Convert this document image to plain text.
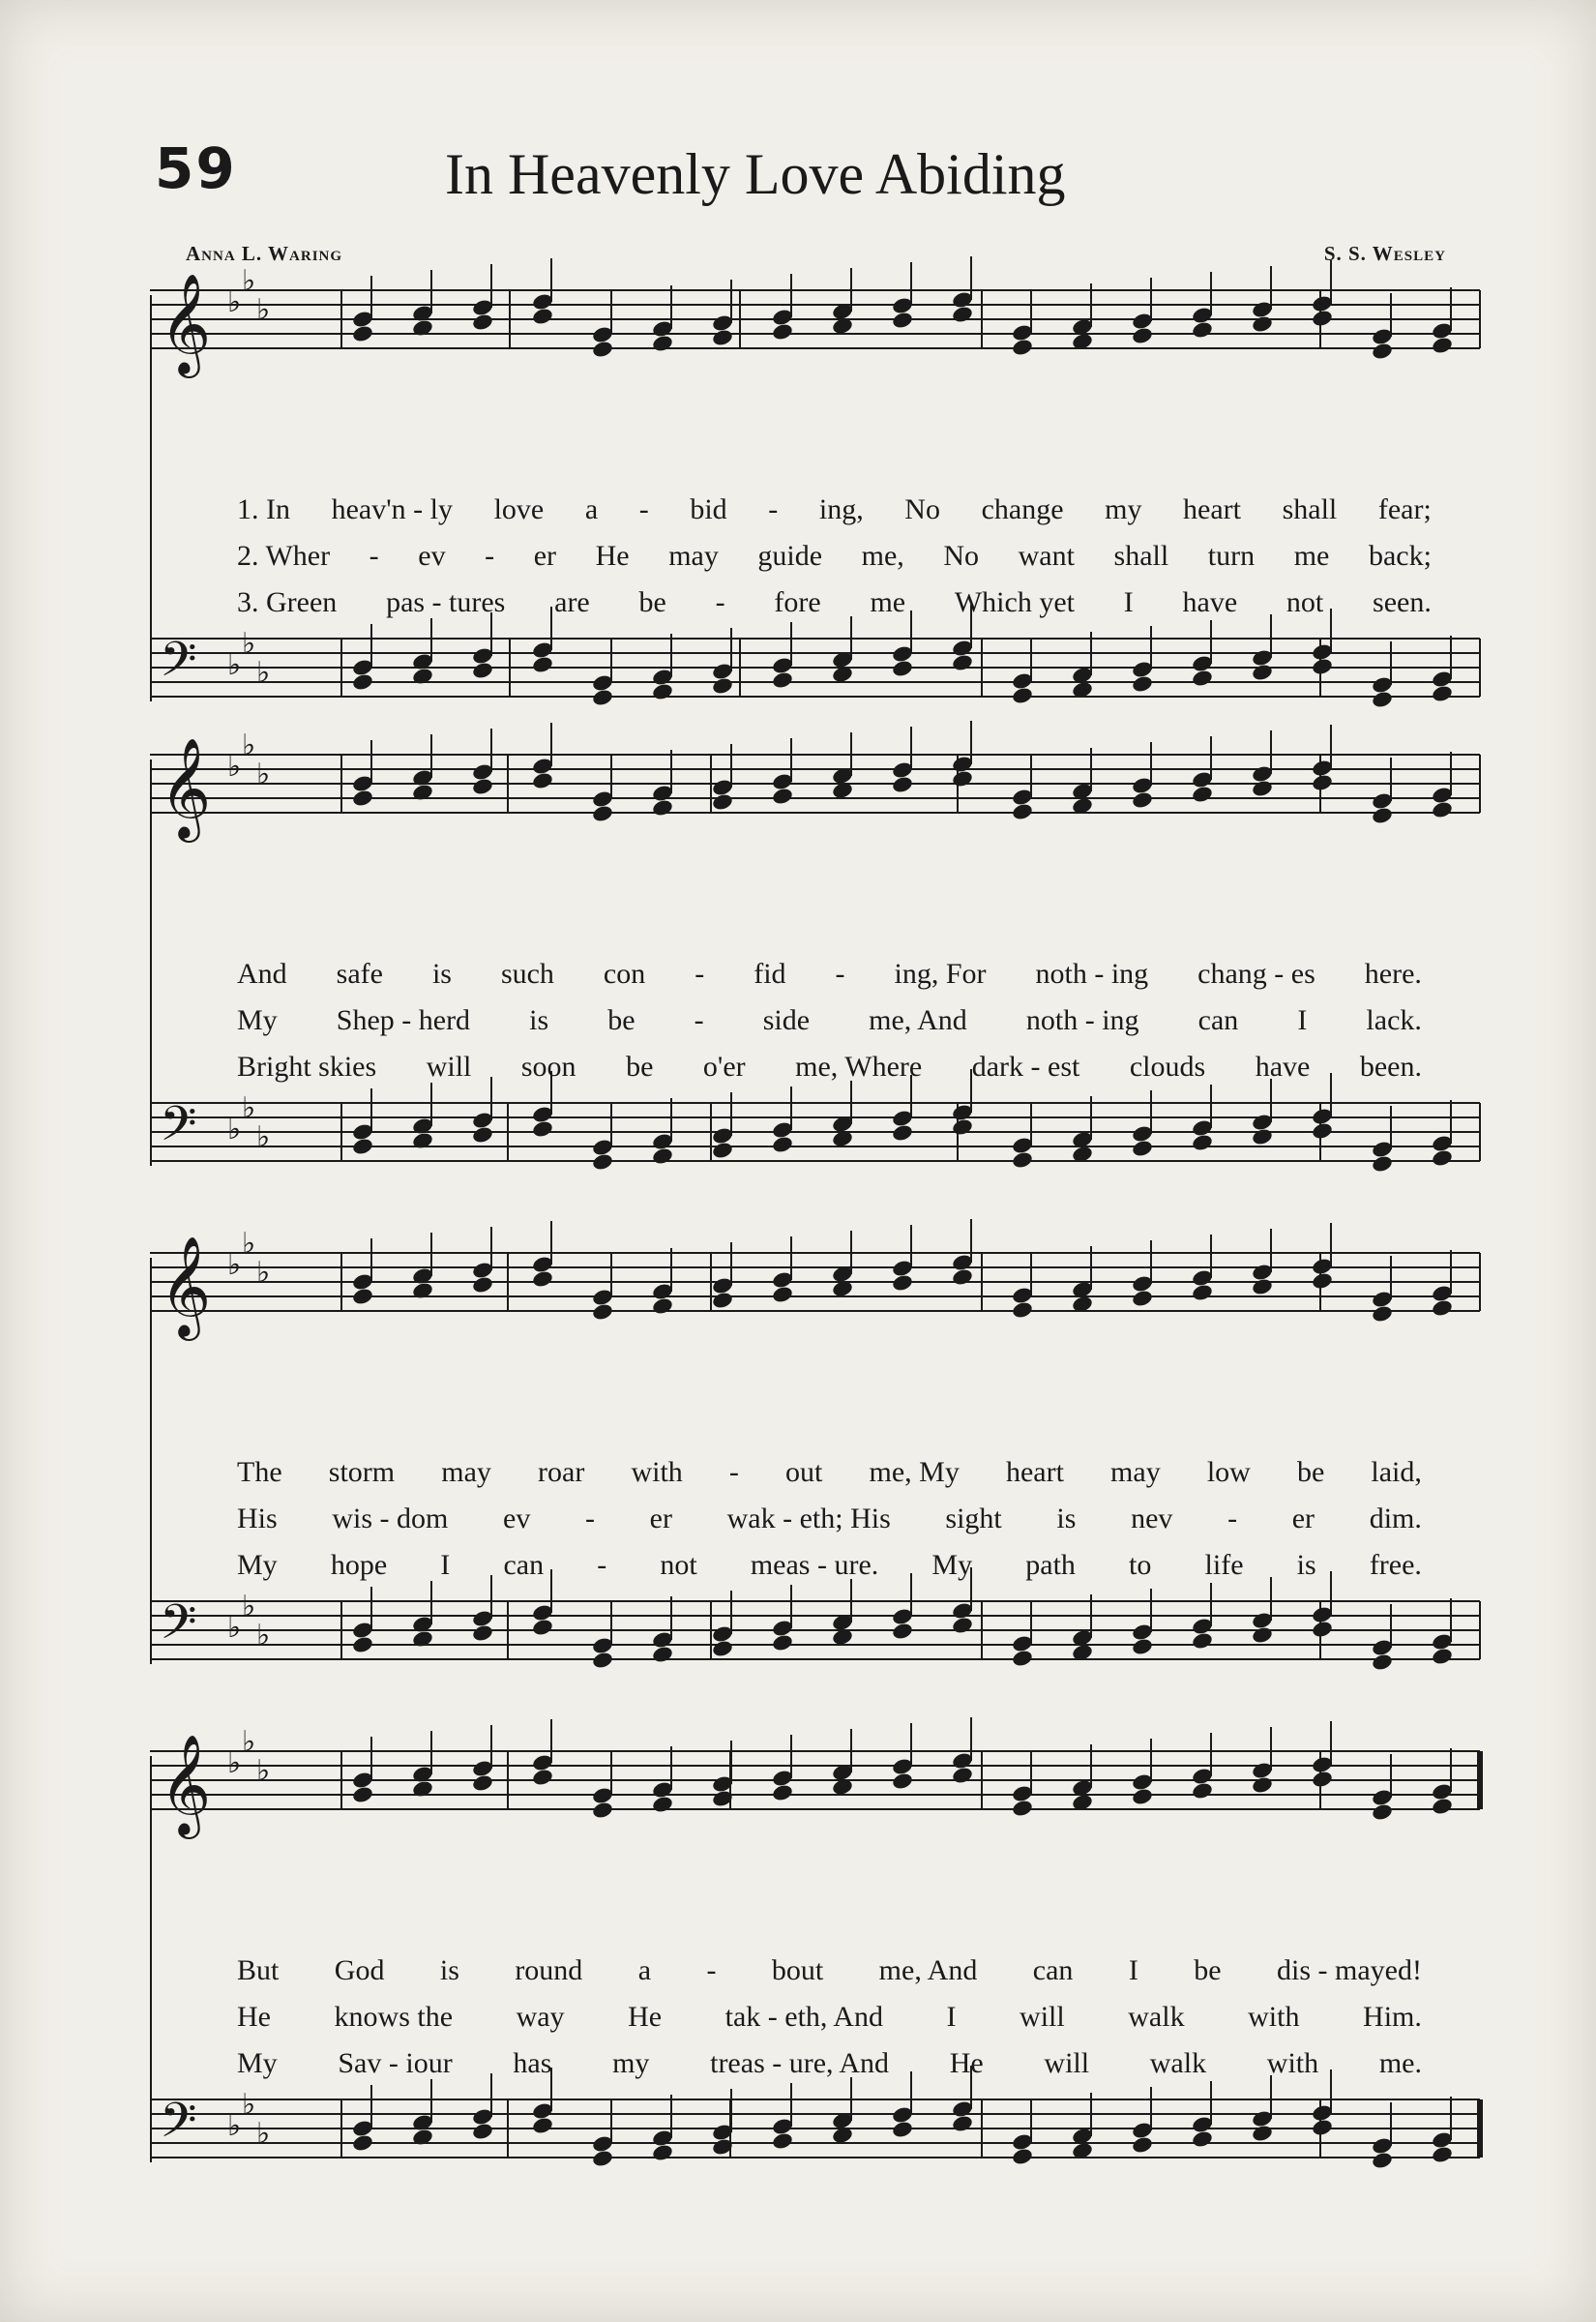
59	In Heavenly Love Abiding
Anna L. Waring	S. S. Wesley
𝄞 ♭
♭
♭
𝄢 ♭
♭
♭
1. In heav'n - ly love a - bid - ing, No change my heart shall fear;
2. Wher - ev - er He may guide me, No want shall turn me back;
3. Green pas - tures are be - fore me Which yet I have not seen.
𝄞 ♭
♭
♭
𝄢 ♭
♭
♭
And safe is such con - fid - ing, For noth - ing chang - es here.
My Shep - herd is be - side me, And noth - ing can I lack.
Bright skies will soon be o'er me, Where dark - est clouds have been.
𝄞 ♭
♭
♭
𝄢 ♭
♭
♭
The storm may roar with - out me, My heart may low be laid,
His wis - dom ev - er wak - eth; His sight is nev - er dim.
My hope I can - not meas - ure. My path to life is free.
𝄞 ♭
♭
♭
𝄢 ♭
♭
♭
But God is round a - bout me, And can I be dis - mayed!
He knows the way He tak - eth, And I will walk with Him.
My Sav - iour has my treas - ure, And He will walk with me.
